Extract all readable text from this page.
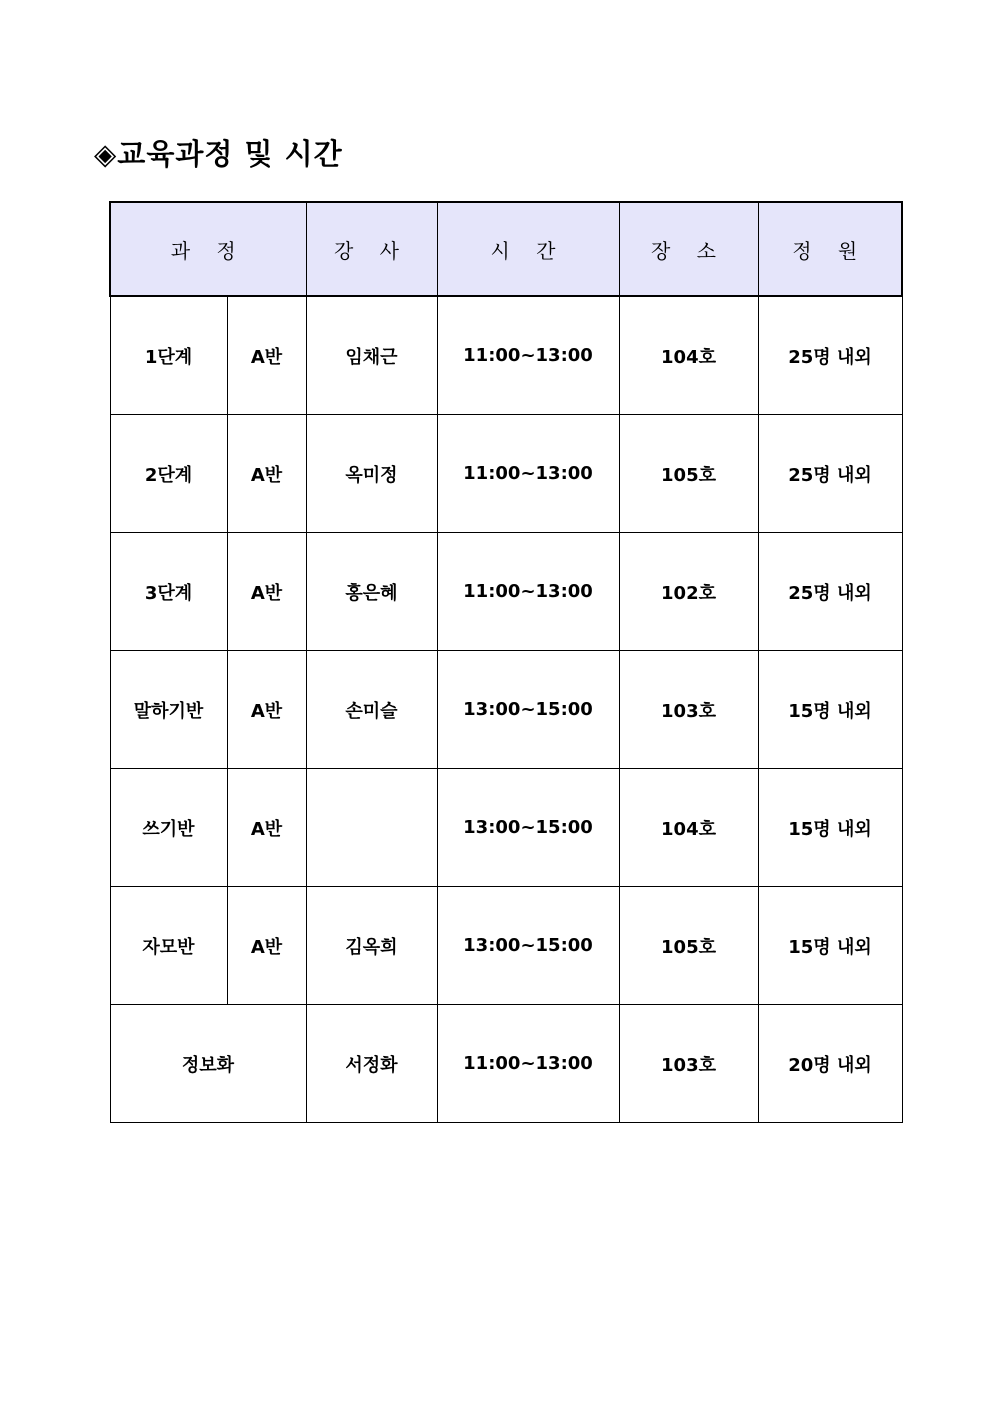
◈교육과정 및 시간
과 정		강 사	시 간	장 소	정 원
1단계	A반	임채근	11:00~13:00	104호	25명 내외
2단계	A반	옥미정	11:00~13:00	105호	25명 내외
3단계	A반	홍은혜	11:00~13:00	102호	25명 내외
말하기반	A반	손미슬	13:00~15:00	103호	15명 내외
쓰기반	A반		13:00~15:00	104호	15명 내외
자모반	A반	김옥희	13:00~15:00	105호	15명 내외
정보화		서정화	11:00~13:00	103호	20명 내외
